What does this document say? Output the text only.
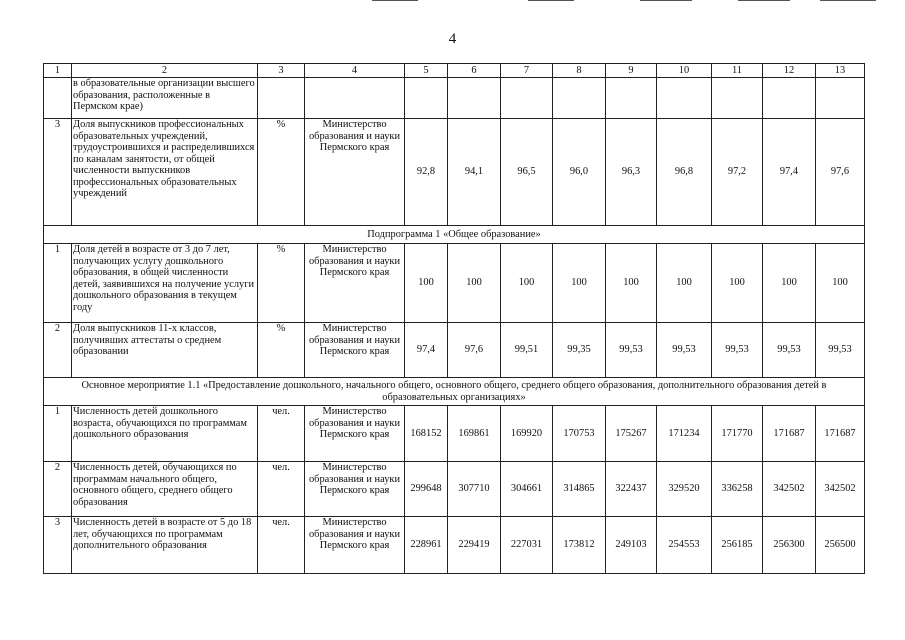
4
1	2	3	4	5	6	7	8	9	10	11	12	13
	в образовательные организации высшего образования, расположенные в Пермском крае)											
3	Доля выпускников профессиональных образовательных учреждений, трудоустроившихся и распределившихся по каналам занятости, от общей численности выпускников профессиональных образовательных учреждений	%	Министерство образования и науки Пермского края	92,8	94,1	96,5	96,0	96,3	96,8	97,2	97,4	97,6
Подпрограмма 1 «Общее образование»												
1	Доля детей в возрасте от 3 до 7 лет, получающих услугу дошкольного образования, в общей численности детей, заявившихся на получение услуги дошкольного образования в текущем году	%	Министерство образования и науки Пермского края	100	100	100	100	100	100	100	100	100
2	Доля выпускников 11-х классов, получивших аттестаты о среднем образовании	%	Министерство образования и науки Пермского края	97,4	97,6	99,51	99,35	99,53	99,53	99,53	99,53	99,53
Основное мероприятие 1.1 «Предоставление дошкольного, начального общего, основного общего, среднего общего образования, дополнительного образования детей в образовательных организациях»												
1	Численность детей дошкольного возраста, обучающихся по программам дошкольного образования	чел.	Министерство образования и науки Пермского края	168152	169861	169920	170753	175267	171234	171770	171687	171687
2	Численность детей, обучающихся по программам начального общего, основного общего, среднего общего образования	чел.	Министерство образования и науки Пермского края	299648	307710	304661	314865	322437	329520	336258	342502	342502
3	Численность детей в возрасте от 5 до 18 лет, обучающихся по программам дополнительного образования	чел.	Министерство образования и науки Пермского края	228961	229419	227031	173812	249103	254553	256185	256300	256500
